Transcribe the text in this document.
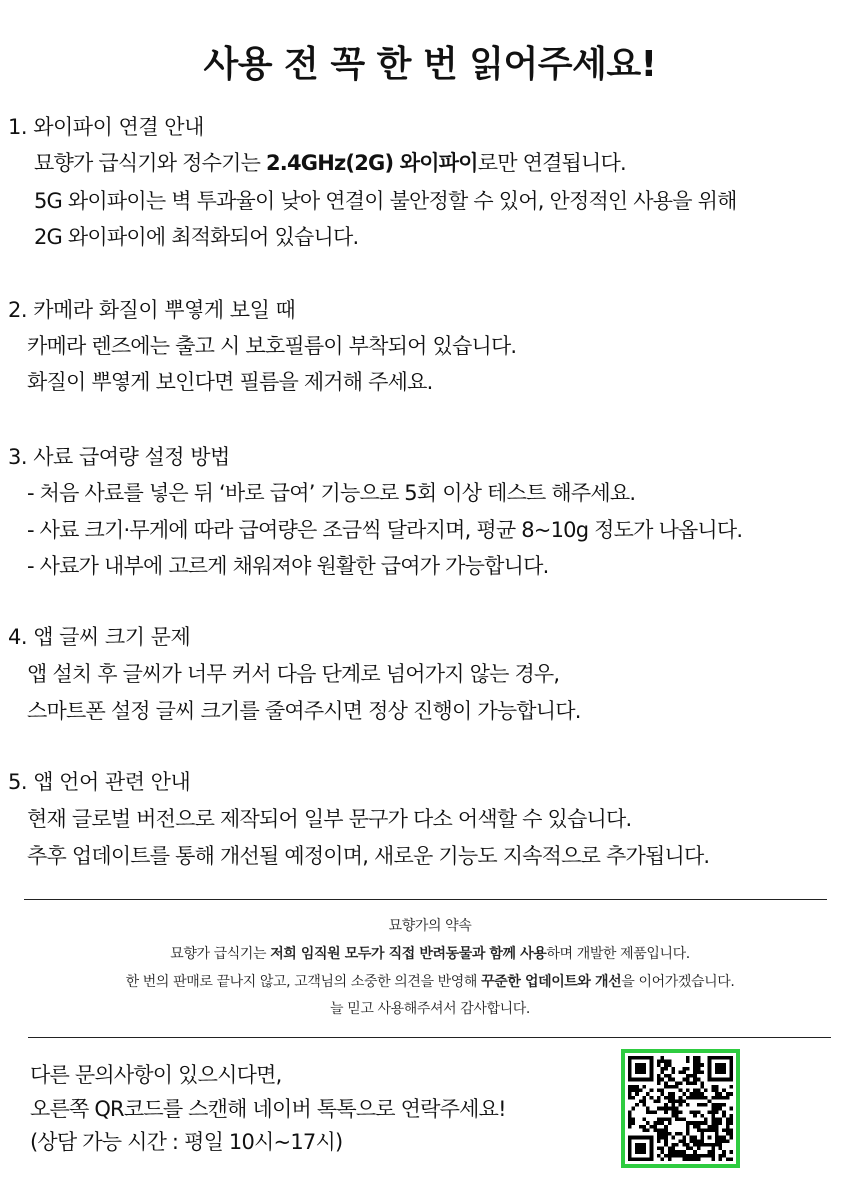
사용 전 꼭 한 번 읽어주세요!
1. 와이파이 연결 안내
묘향가 급식기와 정수기는 2.4GHz(2G) 와이파이로만 연결됩니다.
5G 와이파이는 벽 투과율이 낮아 연결이 불안정할 수 있어, 안정적인 사용을 위해
2G 와이파이에 최적화되어 있습니다.
2. 카메라 화질이 뿌옇게 보일 때
카메라 렌즈에는 출고 시 보호필름이 부착되어 있습니다.
화질이 뿌옇게 보인다면 필름을 제거해 주세요.
3. 사료 급여량 설정 방법
- 처음 사료를 넣은 뒤 ‘바로 급여’ 기능으로 5회 이상 테스트 해주세요.
- 사료 크기·무게에 따라 급여량은 조금씩 달라지며, 평균 8~10g 정도가 나옵니다.
- 사료가 내부에 고르게 채워져야 원활한 급여가 가능합니다.
4. 앱 글씨 크기 문제
앱 설치 후 글씨가 너무 커서 다음 단계로 넘어가지 않는 경우,
스마트폰 설정 글씨 크기를 줄여주시면 정상 진행이 가능합니다.
5. 앱 언어 관련 안내
현재 글로벌 버전으로 제작되어 일부 문구가 다소 어색할 수 있습니다.
추후 업데이트를 통해 개선될 예정이며, 새로운 기능도 지속적으로 추가됩니다.
묘향가의 약속
묘향가 급식기는 저희 임직원 모두가 직접 반려동물과 함께 사용하며 개발한 제품입니다.
한 번의 판매로 끝나지 않고, 고객님의 소중한 의견을 반영해 꾸준한 업데이트와 개선을 이어가겠습니다.
늘 믿고 사용해주셔서 감사합니다.
다른 문의사항이 있으시다면,
오른쪽 QR코드를 스캔해 네이버 톡톡으로 연락주세요!
(상담 가능 시간 : 평일 10시~17시)
